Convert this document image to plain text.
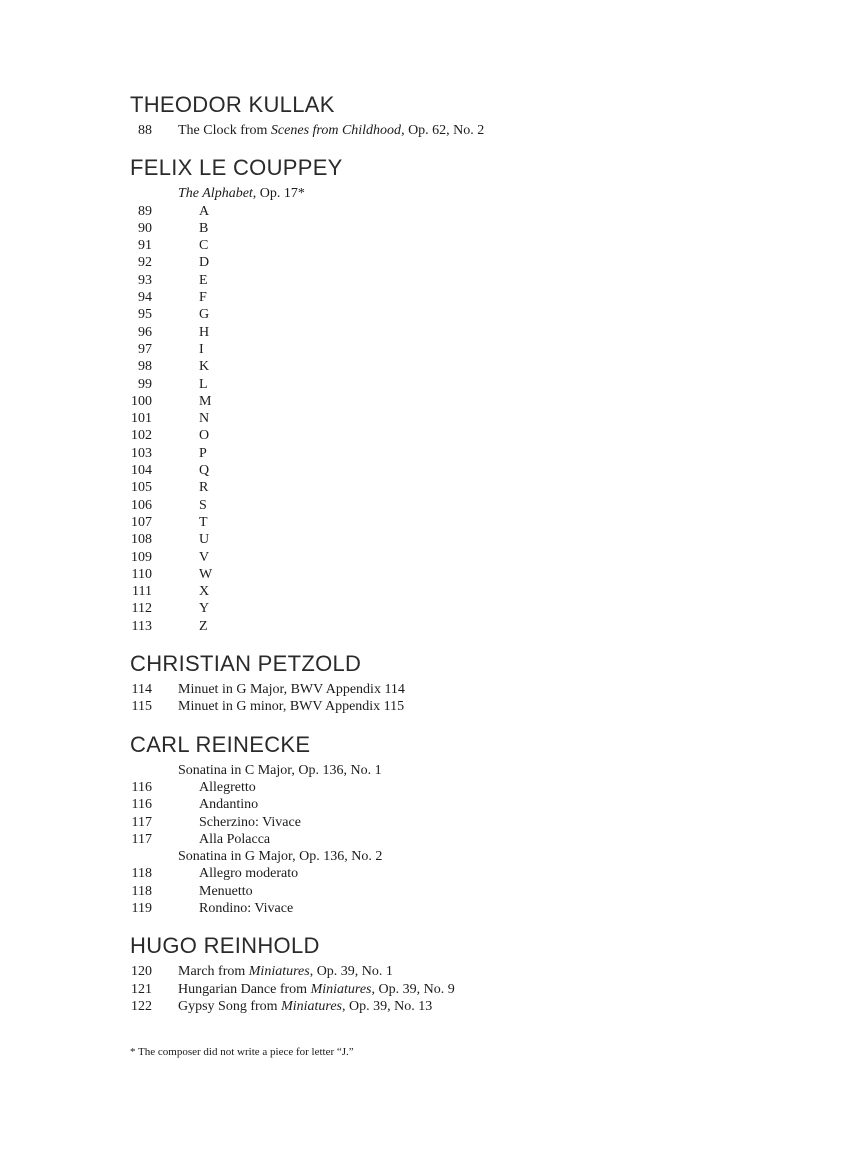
THEODOR KULLAK
88 The Clock from Scenes from Childhood, Op. 62, No. 2
FELIX LE COUPPEY

The Alphabet, Op. 17*
89	A
90	B
91	C
92	D
93	E
94	F
95	G
96	H
97	I
98	K
99	L
100	M
101	N
102	O
103	P
104	Q
105	R
106	S
107	T
108	U
109	V
110	W
111	X
112	Y
113	Z
CHRISTIAN PETZOLD
114 Minuet in G Major, BWV Appendix 114
115 Minuet in G minor, BWV Appendix 115
CARL REINECKE

Sonatina in C Major, Op. 136, No. 1
116	Allegretto
116	Andantino
117	Scherzino: Vivace
117	Alla Polacca

Sonatina in G Major, Op. 136, No. 2
118	Allegro moderato
118	Menuetto
119	Rondino: Vivace
HUGO REINHOLD
120 March from Miniatures, Op. 39, No. 1
121 Hungarian Dance from Miniatures, Op. 39, No. 9
122 Gypsy Song from Miniatures, Op. 39, No. 13
* The composer did not write a piece for letter “J.”
